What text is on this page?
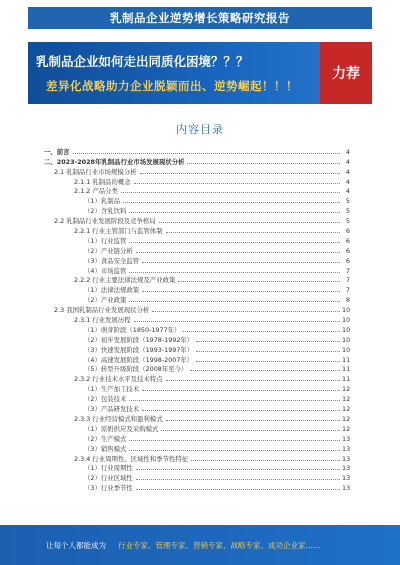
乳制品企业逆势增长策略研究报告
乳制品企业如何走出同质化困境？？？
差异化战略助力企业脱颖而出、逆势崛起！！！
力荐
内容目录
一、前言	4
二、2023-2028年乳制品行业市场发展现状分析	4
2.1 乳制品行业市场规模分析	4
2.1.1 乳制品的概念	4
2.1.2 产品分类	4
（1）乳制品	5
（2）含乳饮料	5
2.2 乳制品行业发展阶段及竞争格局	5
2.2.1 行业主管部门与监管体制	6
（1）行业监管	6
（2）产业链分析	6
（3）食品安全监管	6
（4）市场监管	7
2.2.2 行业主要法律法规及产业政策	7
（1）法律法规政策	7
（2）产业政策	8
2.3 我国乳制品行业发展现状分析	10
2.3.1 行业发展历程	10
（1）萌芽阶段（1850-1977年）	10
（2）初步发展阶段（1978-1992年）	10
（3）快速发展阶段（1993-1997年）	10
（4）高速发展阶段（1998-2007年）	11
（5）转型升级阶段（2008年至今）	11
2.3.2 行业技术水平及技术特点	11
（1）生产加工技术	12
（2）包装技术	12
（3）产品研发技术	12
2.3.3 行业经营模式和盈利模式	12
（1）原奶供应及采购模式	12
（2）生产模式	13
（3）销售模式	13
2.3.4 行业周期性、区域性和季节性特征	13
（1）行业周期性	13
（2）行业区域性	13
（3）行业季节性	13
让每个人都能成为 行业专家、管理专家、营销专家、战略专家、成功企业家……
